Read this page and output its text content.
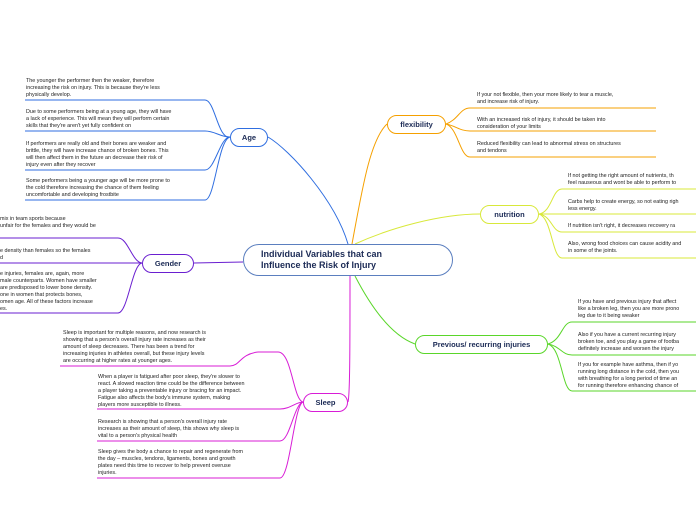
Individual Variables that can
Influence the Risk of Injury
Age
Gender
Sleep
flexibility
nutrition
Previous/ recurring injuries
The younger the performer then the weaker, therefore
increasing the risk on injury. This is because they're less
physically develop.
Due to some performers being at a young age, they will have
a lack of experience. This will mean they will perform certain
skills that they're aren't yet fully confident on
If performers are really old and their bones are weaker and
brittle, they will have increase chance of broken bones. This
will then affect them in the future an decrease their risk of
injury even after they recover
Some performers being a younger age will be more prone to
the cold therefore increasing the chance of them feeling
uncomfortable and developing frostbite
mix in team sports because
unfair for the females and they would be
e density than females so the females
d
e injuries, females are, again, more
male counterparts. Women have smaller
are predisposed to lower bone density.
one in women that protects bones,
omen age. All of these factors increase
es.
Sleep is important for multiple reasons, and now research is
showing that a person's overall injury rate increases as their
amount of sleep decreases. There has been a trend for
increasing injuries in athletes overall, but these injury levels
are occurring at higher rates at younger ages.
When a player is fatigued after poor sleep, they're slower to
react. A slowed reaction time could be the difference between
a player taking a preventable injury or bracing for an impact.
Fatigue also affects the body's immune system, making
players more susceptible to illness.
Research is showing that a person's overall injury rate
increases as their amount of sleep, this shows why sleep is
vital to a person's physical health
Sleep gives the body a chance to repair and regenerate from
the day – muscles, tendons, ligaments, bones and growth
plates need this time to recover to help prevent overuse
injuries.
If your not flexible, then your more likely to tear a muscle,
and increase risk of injury.
With an increased risk of injury, it should be taken into
consideration of your limits
Reduced flexibility can lead to abnormal stress on structures
and tendons
If not getting the right amount of nutrients, th
feel nauseous and wont be able to perform to
Carbs help to create energy, so not eating righ
less energy.
If nutrition isn't right, it decreases recovery ra
Also, wrong food choices can cause acidity and
in some of the joints.
If you have and previous injury that affect
like a broken leg, then you are more prono
leg due to it being weaker
Also if you have a current recurring injury
broken toe, and you play a game of footba
definitely increase and worsen the injury
If you for example have asthma, then if yo
running long distance in the cold, then you
with breathing for a long period of time an
for running therefore enhancing chance of
